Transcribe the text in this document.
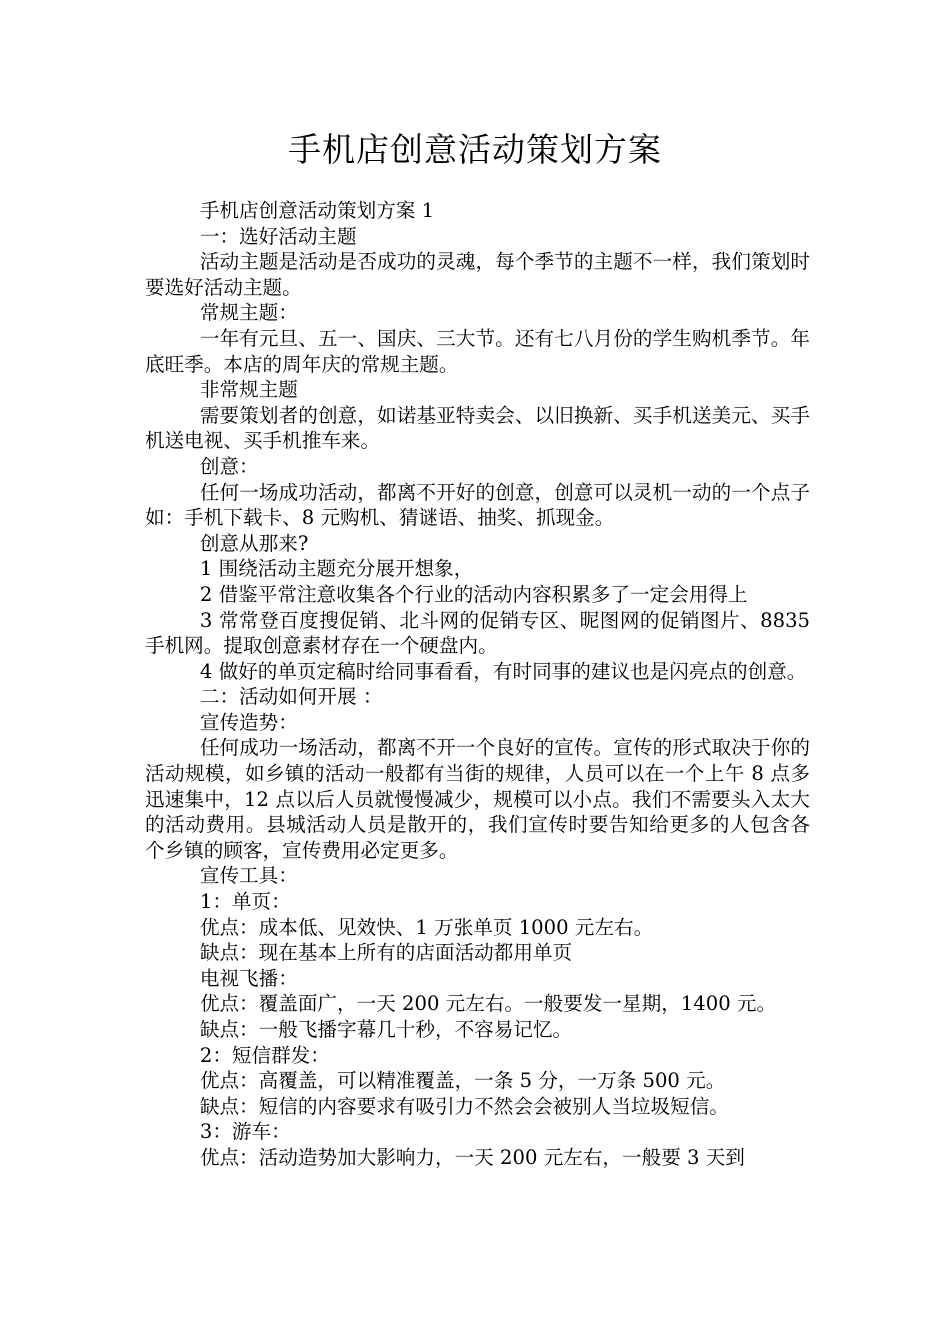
手机店创意活动策划方案

手机店创意活动策划方案 1

一：选好活动主题

活动主题是活动是否成功的灵魂，每个季节的主题不一样，我们策划时要选好活动主题。

常规主题：

一年有元旦、五一、国庆、三大节。还有七八月份的学生购机季节。年底旺季。本店的周年庆的常规主题。

非常规主题

需要策划者的创意，如诺基亚特卖会、以旧换新、买手机送美元、买手机送电视、买手机推车来。

创意：

任何一场成功活动，都离不开好的创意，创意可以灵机一动的一个点子如：手机下载卡、8 元购机、猜谜语、抽奖、抓现金。

创意从那来?

1 围绕活动主题充分展开想象，

2 借鉴平常注意收集各个行业的活动内容积累多了一定会用得上

3 常常登百度搜促销、北斗网的促销专区、昵图网的促销图片、8835 手机网。提取创意素材存在一个硬盘内。

4 做好的单页定稿时给同事看看，有时同事的建议也是闪亮点的创意。

二：活动如何开展 ：

宣传造势：

任何成功一场活动，都离不开一个良好的宣传。宣传的形式取决于你的活动规模，如乡镇的活动一般都有当街的规律，人员可以在一个上午 8 点多迅速集中，12 点以后人员就慢慢减少，规模可以小点。我们不需要头入太大的活动费用。县城活动人员是散开的，我们宣传时要告知给更多的人包含各个乡镇的顾客，宣传费用必定更多。

宣传工具：

1：单页：

优点：成本低、见效快、1 万张单页 1000 元左右。

缺点：现在基本上所有的店面活动都用单页

电视飞播：

优点：覆盖面广，一天 200 元左右。一般要发一星期，1400 元。

缺点：一般飞播字幕几十秒，不容易记忆。

2：短信群发：

优点：高覆盖，可以精准覆盖，一条 5 分，一万条 500 元。

缺点：短信的内容要求有吸引力不然会会被别人当垃圾短信。

3：游车：

优点：活动造势加大影响力，一天 200 元左右，一般要 3 天到
